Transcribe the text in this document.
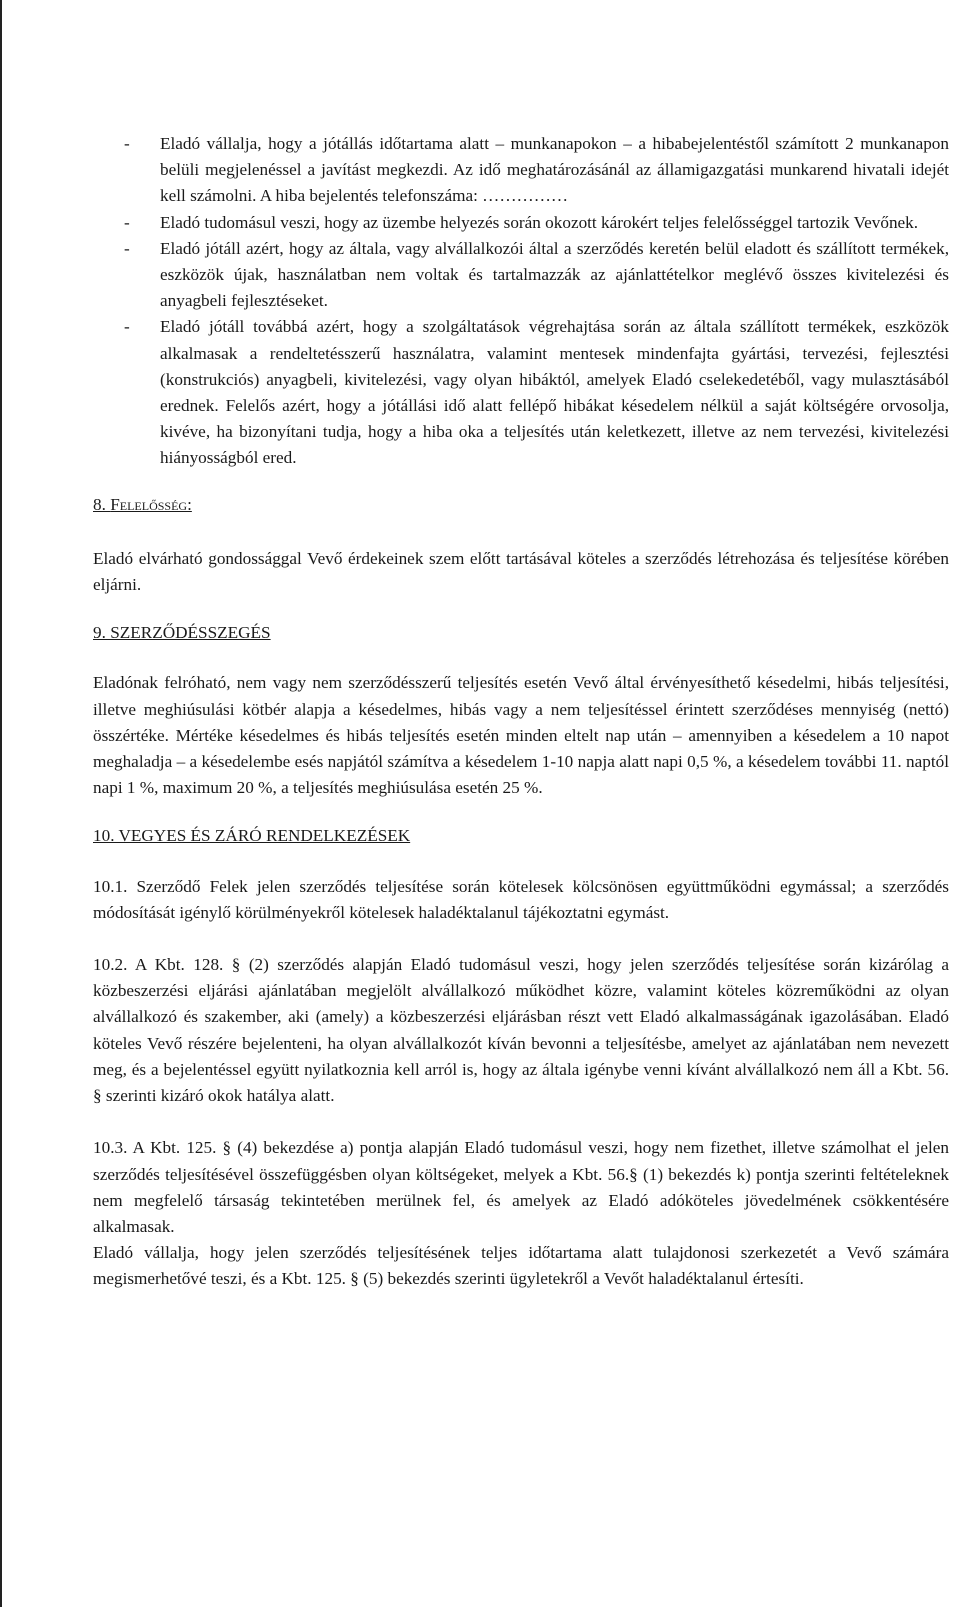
- Eladó vállalja, hogy a jótállás időtartama alatt – munkanapokon – a hibabejelentéstől számított 2 munkanapon belüli megjelenéssel a javítást megkezdi. Az idő meghatározásánál az államigazgatási munkarend hivatali idejét kell számolni. A hiba bejelentés telefonszáma: ……………
- Eladó tudomásul veszi, hogy az üzembe helyezés során okozott károkért teljes felelősséggel tartozik Vevőnek.
- Eladó jótáll azért, hogy az általa, vagy alvállalkozói által a szerződés keretén belül eladott és szállított termékek, eszközök újak, használatban nem voltak és tartalmazzák az ajánlattételkor meglévő összes kivitelezési és anyagbeli fejlesztéseket.
- Eladó jótáll továbbá azért, hogy a szolgáltatások végrehajtása során az általa szállított termékek, eszközök alkalmasak a rendeltetésszerű használatra, valamint mentesek mindenfajta gyártási, tervezési, fejlesztési (konstrukciós) anyagbeli, kivitelezési, vagy olyan hibáktól, amelyek Eladó cselekedetéből, vagy mulasztásából erednek. Felelős azért, hogy a jótállási idő alatt fellépő hibákat késedelem nélkül a saját költségére orvosolja, kivéve, ha bizonyítani tudja, hogy a hiba oka a teljesítés után keletkezett, illetve az nem tervezési, kivitelezési hiányosságból ered.

8. Felelősség:

Eladó elvárható gondossággal Vevő érdekeinek szem előtt tartásával köteles a szerződés létrehozása és teljesítése körében eljárni.

9. SZERZŐDÉSSZEGÉS

Eladónak felróható, nem vagy nem szerződésszerű teljesítés esetén Vevő által érvényesíthető késedelmi, hibás teljesítési, illetve meghiúsulási kötbér alapja a késedelmes, hibás vagy a nem teljesítéssel érintett szerződéses mennyiség (nettó) összértéke. Mértéke késedelmes és hibás teljesítés esetén minden eltelt nap után – amennyiben a késedelem a 10 napot meghaladja – a késedelembe esés napjától számítva a késedelem 1-10 napja alatt napi 0,5 %, a késedelem további 11. naptól napi 1 %, maximum 20 %, a teljesítés meghiúsulása esetén 25 %.

10. VEGYES ÉS ZÁRÓ RENDELKEZÉSEK

10.1. Szerződő Felek jelen szerződés teljesítése során kötelesek kölcsönösen együttműködni egymással; a szerződés módosítását igénylő körülményekről kötelesek haladéktalanul tájékoztatni egymást.

10.2. A Kbt. 128. § (2) szerződés alapján Eladó tudomásul veszi, hogy jelen szerződés teljesítése során kizárólag a közbeszerzési eljárási ajánlatában megjelölt alvállalkozó működhet közre, valamint köteles közreműködni az olyan alvállalkozó és szakember, aki (amely) a közbeszerzési eljárásban részt vett Eladó alkalmasságának igazolásában. Eladó köteles Vevő részére bejelenteni, ha olyan alvállalkozót kíván bevonni a teljesítésbe, amelyet az ajánlatában nem nevezett meg, és a bejelentéssel együtt nyilatkoznia kell arról is, hogy az általa igénybe venni kívánt alvállalkozó nem áll a Kbt. 56. § szerinti kizáró okok hatálya alatt.

10.3. A Kbt. 125. § (4) bekezdése a) pontja alapján Eladó tudomásul veszi, hogy nem fizethet, illetve számolhat el jelen szerződés teljesítésével összefüggésben olyan költségeket, melyek a Kbt. 56.§ (1) bekezdés k) pontja szerinti feltételeknek nem megfelelő társaság tekintetében merülnek fel, és amelyek az Eladó adóköteles jövedelmének csökkentésére alkalmasak.

Eladó vállalja, hogy jelen szerződés teljesítésének teljes időtartama alatt tulajdonosi szerkezetét a Vevő számára megismerhetővé teszi, és a Kbt. 125. § (5) bekezdés szerinti ügyletekről a Vevőt haladéktalanul értesíti.
